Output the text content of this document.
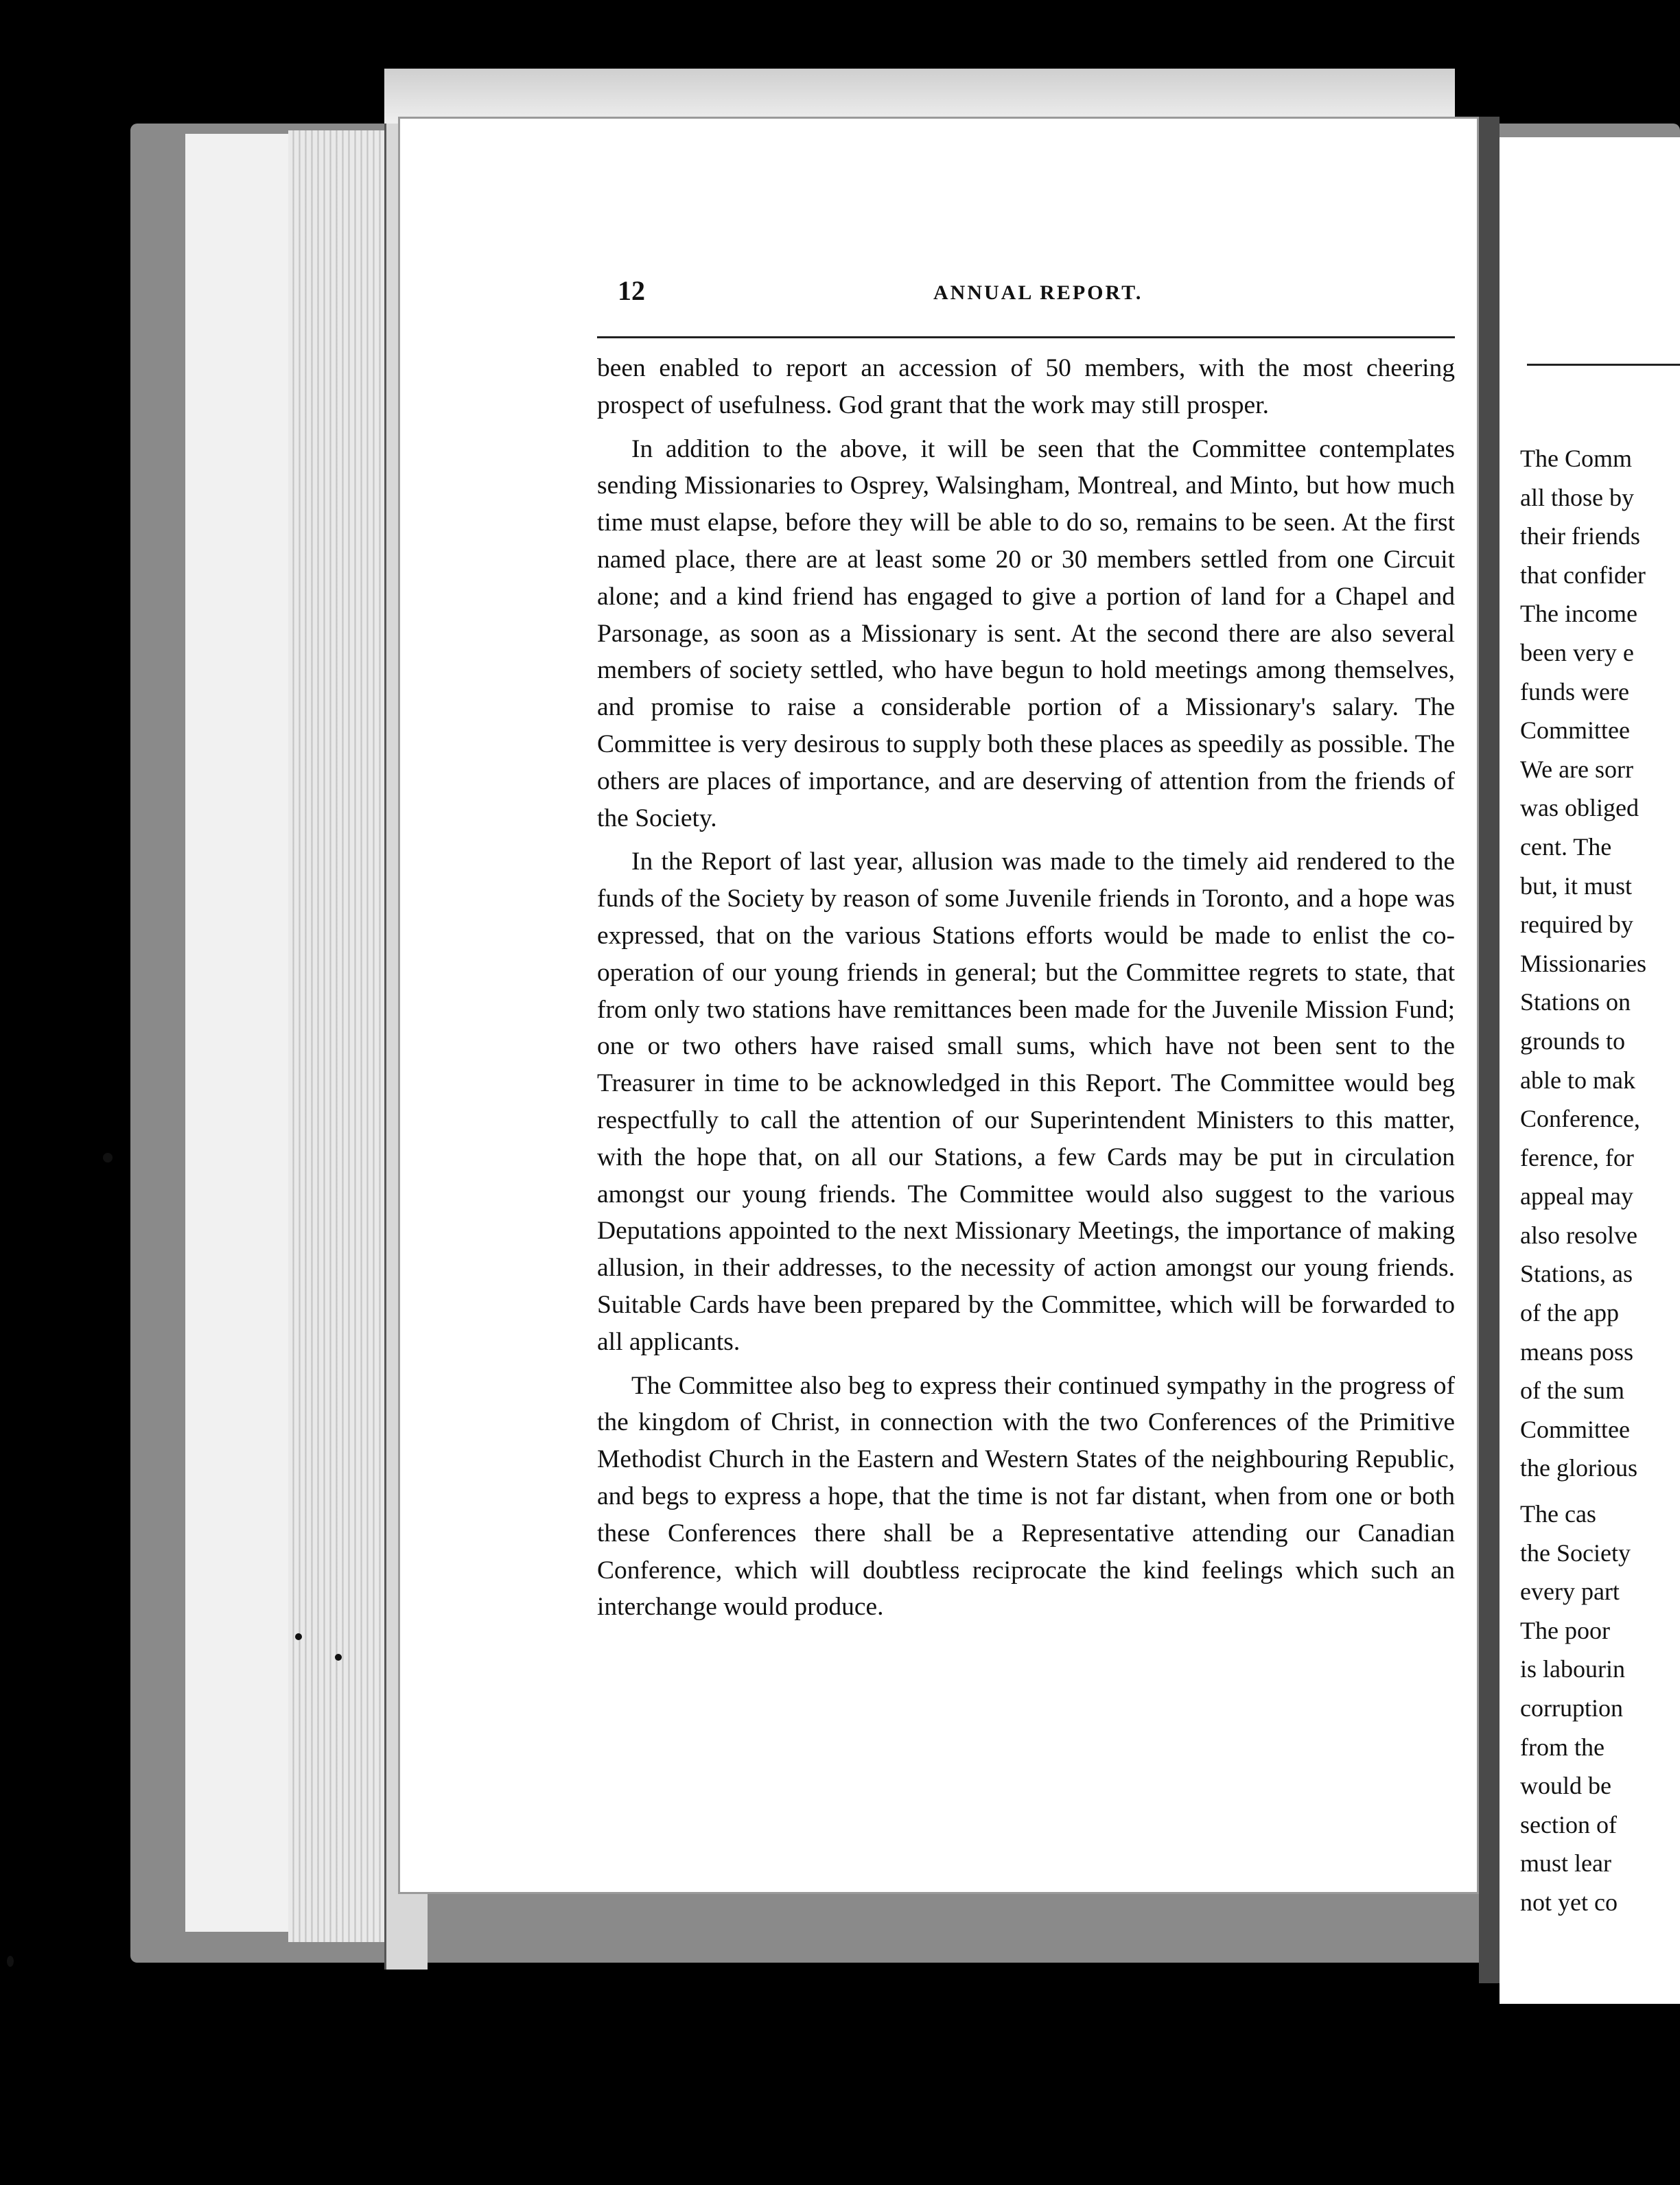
12	ANNUAL REPORT.

been enabled to report an accession of 50 members, with the most cheering prospect of usefulness. God grant that the work may still prosper.

In addition to the above, it will be seen that the Committee contemplates sending Missionaries to Osprey, Walsingham, Montreal, and Minto, but how much time must elapse, before they will be able to do so, remains to be seen. At the first named place, there are at least some 20 or 30 members settled from one Circuit alone; and a kind friend has engaged to give a portion of land for a Chapel and Parsonage, as soon as a Missionary is sent. At the second there are also several members of society settled, who have begun to hold meetings among themselves, and promise to raise a considerable portion of a Missionary's salary. The Committee is very desirous to supply both these places as speedily as possible. The others are places of importance, and are deserving of attention from the friends of the Society.

In the Report of last year, allusion was made to the timely aid rendered to the funds of the Society by reason of some Juvenile friends in Toronto, and a hope was expressed, that on the various Stations efforts would be made to enlist the co-operation of our young friends in general; but the Committee regrets to state, that from only two stations have remittances been made for the Juvenile Mission Fund; one or two others have raised small sums, which have not been sent to the Treasurer in time to be acknowledged in this Report. The Committee would beg respectfully to call the attention of our Superintendent Ministers to this matter, with the hope that, on all our Stations, a few Cards may be put in circulation amongst our young friends. The Committee would also suggest to the various Deputations appointed to the next Missionary Meetings, the importance of making allusion, in their addresses, to the necessity of action amongst our young friends. Suitable Cards have been prepared by the Committee, which will be forwarded to all applicants.

The Committee also beg to express their continued sympathy in the progress of the kingdom of Christ, in connection with the two Conferences of the Primitive Methodist Church in the Eastern and Western States of the neighbouring Republic, and begs to express a hope, that the time is not far distant, when from one or both these Conferences there shall be a Representative attending our Canadian Conference, which will doubtless reciprocate the kind feelings which such an interchange would produce.

The Comm
all those by
their friends
that confider
The income
been very e
funds were
Committee
We are sorr
was obliged
cent. The
but, it must
required by
Missionaries
Stations on
grounds to
able to mak
Conference,
ference, for
appeal may
also resolve
Stations, as
of the app
means poss
of the sum
Committee
the glorious
The cas
the Society
every part
The poor
is labourin
corruption
from the
would be
section of
must lear
not yet co
